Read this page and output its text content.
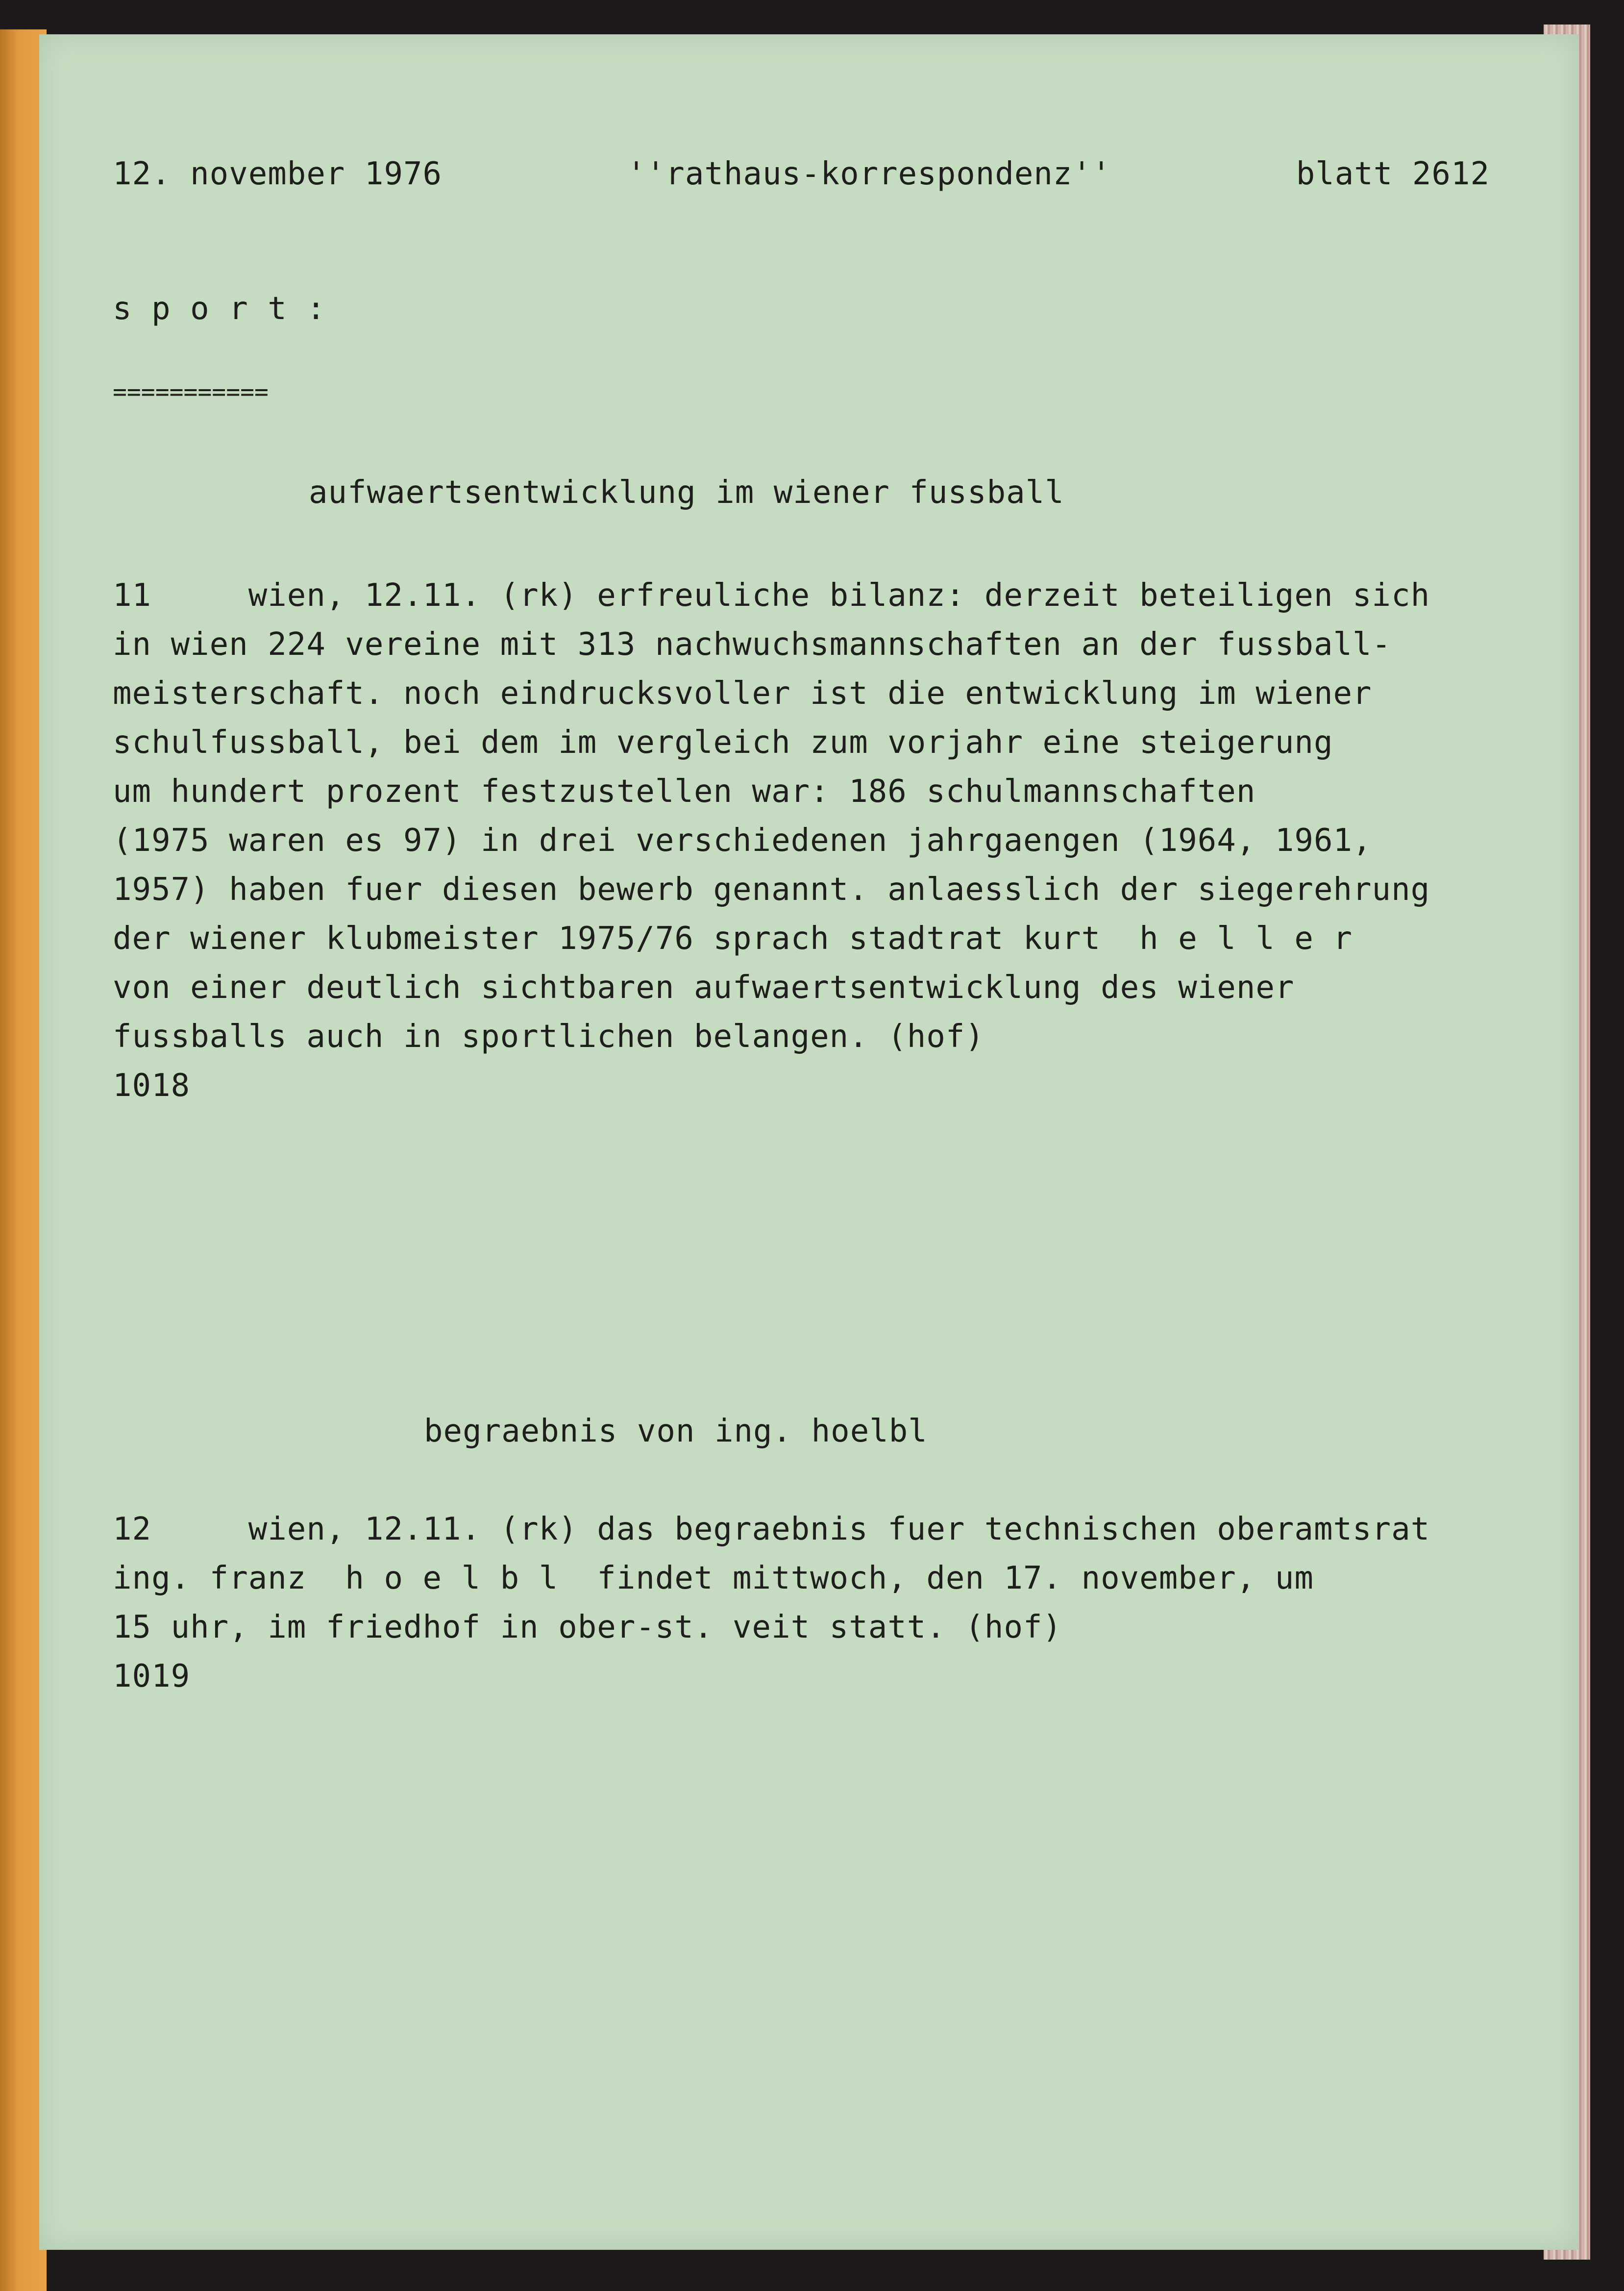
12. november 1976	''rathaus-korrespondenz''	blatt 2612
s p o r t :
===========
aufwaertsentwicklung im wiener fussball
11     wien, 12.11. (rk) erfreuliche bilanz: derzeit beteiligen sich
in wien 224 vereine mit 313 nachwuchsmannschaften an der fussball-
meisterschaft. noch eindrucksvoller ist die entwicklung im wiener
schulfussball, bei dem im vergleich zum vorjahr eine steigerung
um hundert prozent festzustellen war: 186 schulmannschaften
(1975 waren es 97) in drei verschiedenen jahrgaengen (1964, 1961,
1957) haben fuer diesen bewerb genannt. anlaesslich der siegerehrung
der wiener klubmeister 1975/76 sprach stadtrat kurt  h e l l e r
von einer deutlich sichtbaren aufwaertsentwicklung des wiener
fussballs auch in sportlichen belangen. (hof)
1018
begraebnis von ing. hoelbl
12     wien, 12.11. (rk) das begraebnis fuer technischen oberamtsrat
ing. franz  h o e l b l  findet mittwoch, den 17. november, um
15 uhr, im friedhof in ober-st. veit statt. (hof)
1019
